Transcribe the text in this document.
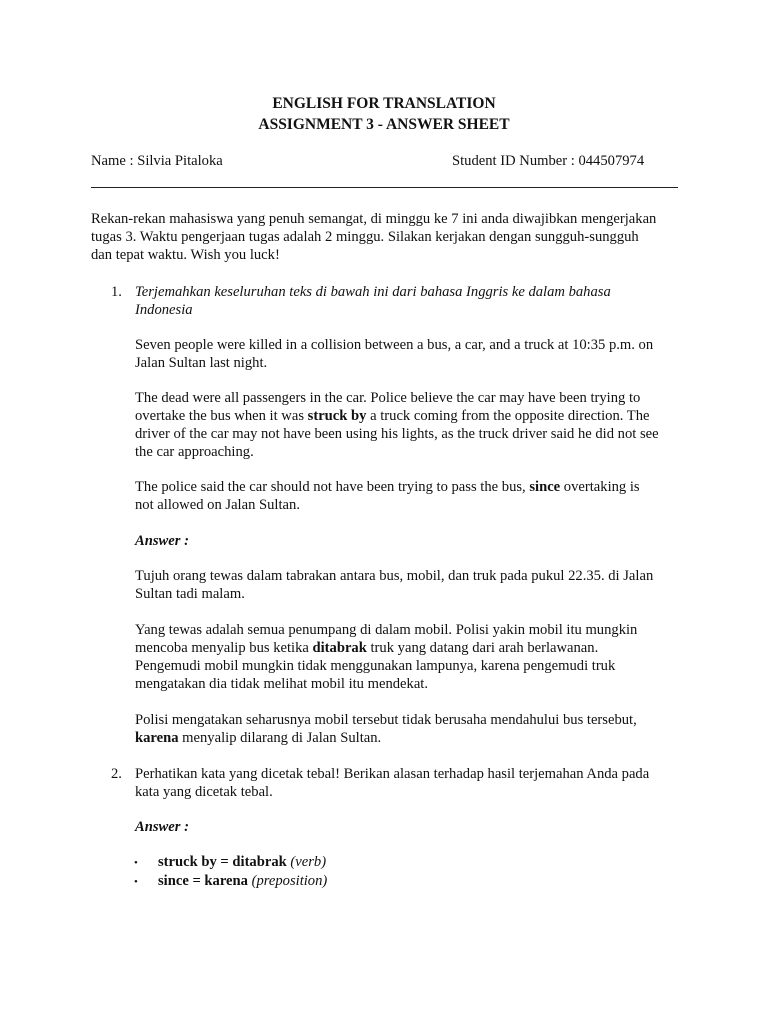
ENGLISH FOR TRANSLATION
ASSIGNMENT 3 - ANSWER SHEET
Name : Silvia Pitaloka	Student ID Number : 044507974
Rekan-rekan mahasiswa yang penuh semangat, di minggu ke 7 ini anda diwajibkan mengerjakan
tugas 3. Waktu pengerjaan tugas adalah 2 minggu. Silakan kerjakan dengan sungguh-sungguh
dan tepat waktu. Wish you luck!
1. Terjemahkan keseluruhan teks di bawah ini dari bahasa Inggris ke dalam bahasa
Indonesia
Seven people were killed in a collision between a bus, a car, and a truck at 10:35 p.m. on
Jalan Sultan last night.
The dead were all passengers in the car. Police believe the car may have been trying to
overtake the bus when it was struck by a truck coming from the opposite direction. The
driver of the car may not have been using his lights, as the truck driver said he did not see
the car approaching.
The police said the car should not have been trying to pass the bus, since overtaking is
not allowed on Jalan Sultan.
Answer :
Tujuh orang tewas dalam tabrakan antara bus, mobil, dan truk pada pukul 22.35. di Jalan
Sultan tadi malam.
Yang tewas adalah semua penumpang di dalam mobil. Polisi yakin mobil itu mungkin
mencoba menyalip bus ketika ditabrak truk yang datang dari arah berlawanan.
Pengemudi mobil mungkin tidak menggunakan lampunya, karena pengemudi truk
mengatakan dia tidak melihat mobil itu mendekat.
Polisi mengatakan seharusnya mobil tersebut tidak berusaha mendahului bus tersebut,
karena menyalip dilarang di Jalan Sultan.
2. Perhatikan kata yang dicetak tebal! Berikan alasan terhadap hasil terjemahan Anda pada
kata yang dicetak tebal.
Answer :
• struck by = ditabrak (verb)
• since = karena (preposition)
